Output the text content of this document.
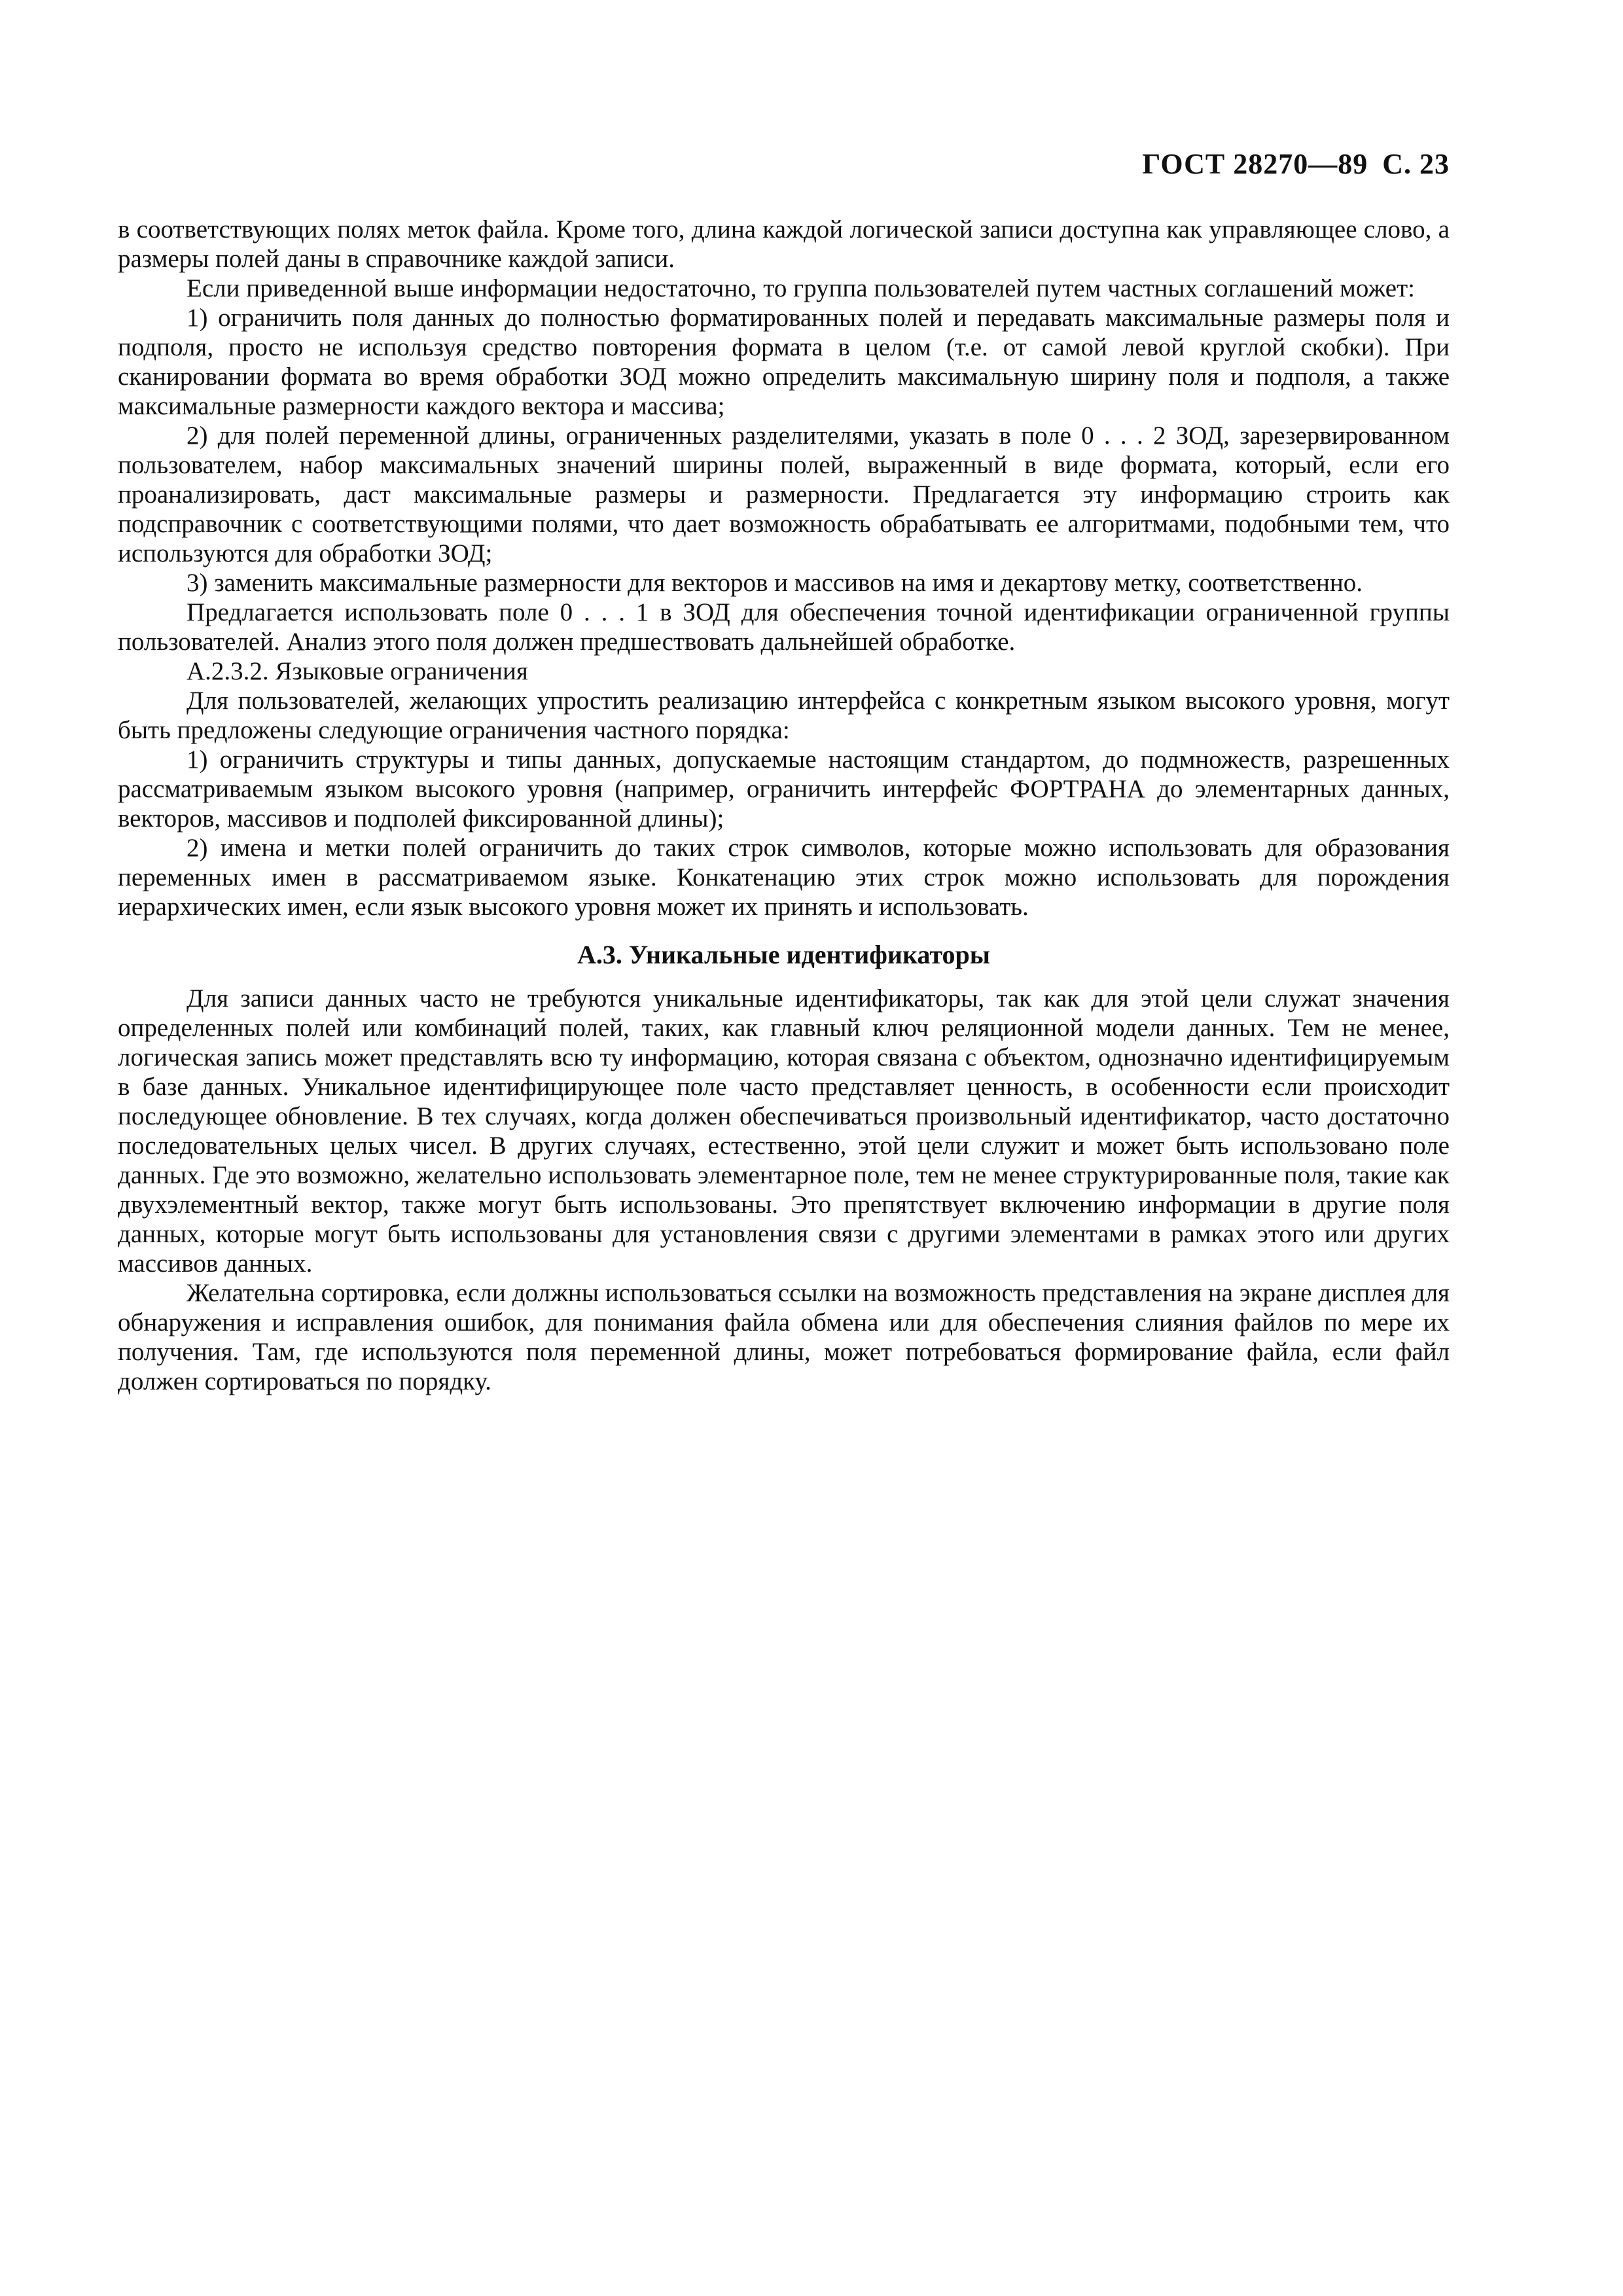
ГОСТ 28270—89 С. 23

в соответствующих полях меток файла. Кроме того, длина каждой логической записи доступна как управляющее слово, а размеры полей даны в справочнике каждой записи.

Если приведенной выше информации недостаточно, то группа пользователей путем частных соглашений может:

1) ограничить поля данных до полностью форматированных полей и передавать максимальные размеры поля и подполя, просто не используя средство повторения формата в целом (т.е. от самой левой круглой скобки). При сканировании формата во время обработки ЗОД можно определить максимальную ширину поля и подполя, а также максимальные размерности каждого вектора и массива;

2) для полей переменной длины, ограниченных разделителями, указать в поле 0 . . . 2 ЗОД, зарезервированном пользователем, набор максимальных значений ширины полей, выраженный в виде формата, который, если его проанализировать, даст максимальные размеры и размерности. Предлагается эту информацию строить как подсправочник с соответствующими полями, что дает возможность обрабатывать ее алгоритмами, подобными тем, что используются для обработки ЗОД;

3) заменить максимальные размерности для векторов и массивов на имя и декартову метку, соответственно.

Предлагается использовать поле 0 . . . 1 в ЗОД для обеспечения точной идентификации ограниченной группы пользователей. Анализ этого поля должен предшествовать дальнейшей обработке.

А.2.3.2. Языковые ограничения

Для пользователей, желающих упростить реализацию интерфейса с конкретным языком высокого уровня, могут быть предложены следующие ограничения частного порядка:

1) ограничить структуры и типы данных, допускаемые настоящим стандартом, до подмножеств, разрешенных рассматриваемым языком высокого уровня (например, ограничить интерфейс ФОРТРАНА до элементарных данных, векторов, массивов и подполей фиксированной длины);

2) имена и метки полей ограничить до таких строк символов, которые можно использовать для образования переменных имен в рассматриваемом языке. Конкатенацию этих строк можно использовать для порождения иерархических имен, если язык высокого уровня может их принять и использовать.

А.3. Уникальные идентификаторы

Для записи данных часто не требуются уникальные идентификаторы, так как для этой цели служат значения определенных полей или комбинаций полей, таких, как главный ключ реляционной модели данных. Тем не менее, логическая запись может представлять всю ту информацию, которая связана с объектом, однозначно идентифицируемым в базе данных. Уникальное идентифицирующее поле часто представляет ценность, в особенности если происходит последующее обновление. В тех случаях, когда должен обеспечиваться произвольный идентификатор, часто достаточно последовательных целых чисел. В других случаях, естественно, этой цели служит и может быть использовано поле данных. Где это возможно, желательно использовать элементарное поле, тем не менее структурированные поля, такие как двухэлементный вектор, также могут быть использованы. Это препятствует включению информации в другие поля данных, которые могут быть использованы для установления связи с другими элементами в рамках этого или других массивов данных.

Желательна сортировка, если должны использоваться ссылки на возможность представления на экране дисплея для обнаружения и исправления ошибок, для понимания файла обмена или для обеспечения слияния файлов по мере их получения. Там, где используются поля переменной длины, может потребоваться формирование файла, если файл должен сортироваться по порядку.
